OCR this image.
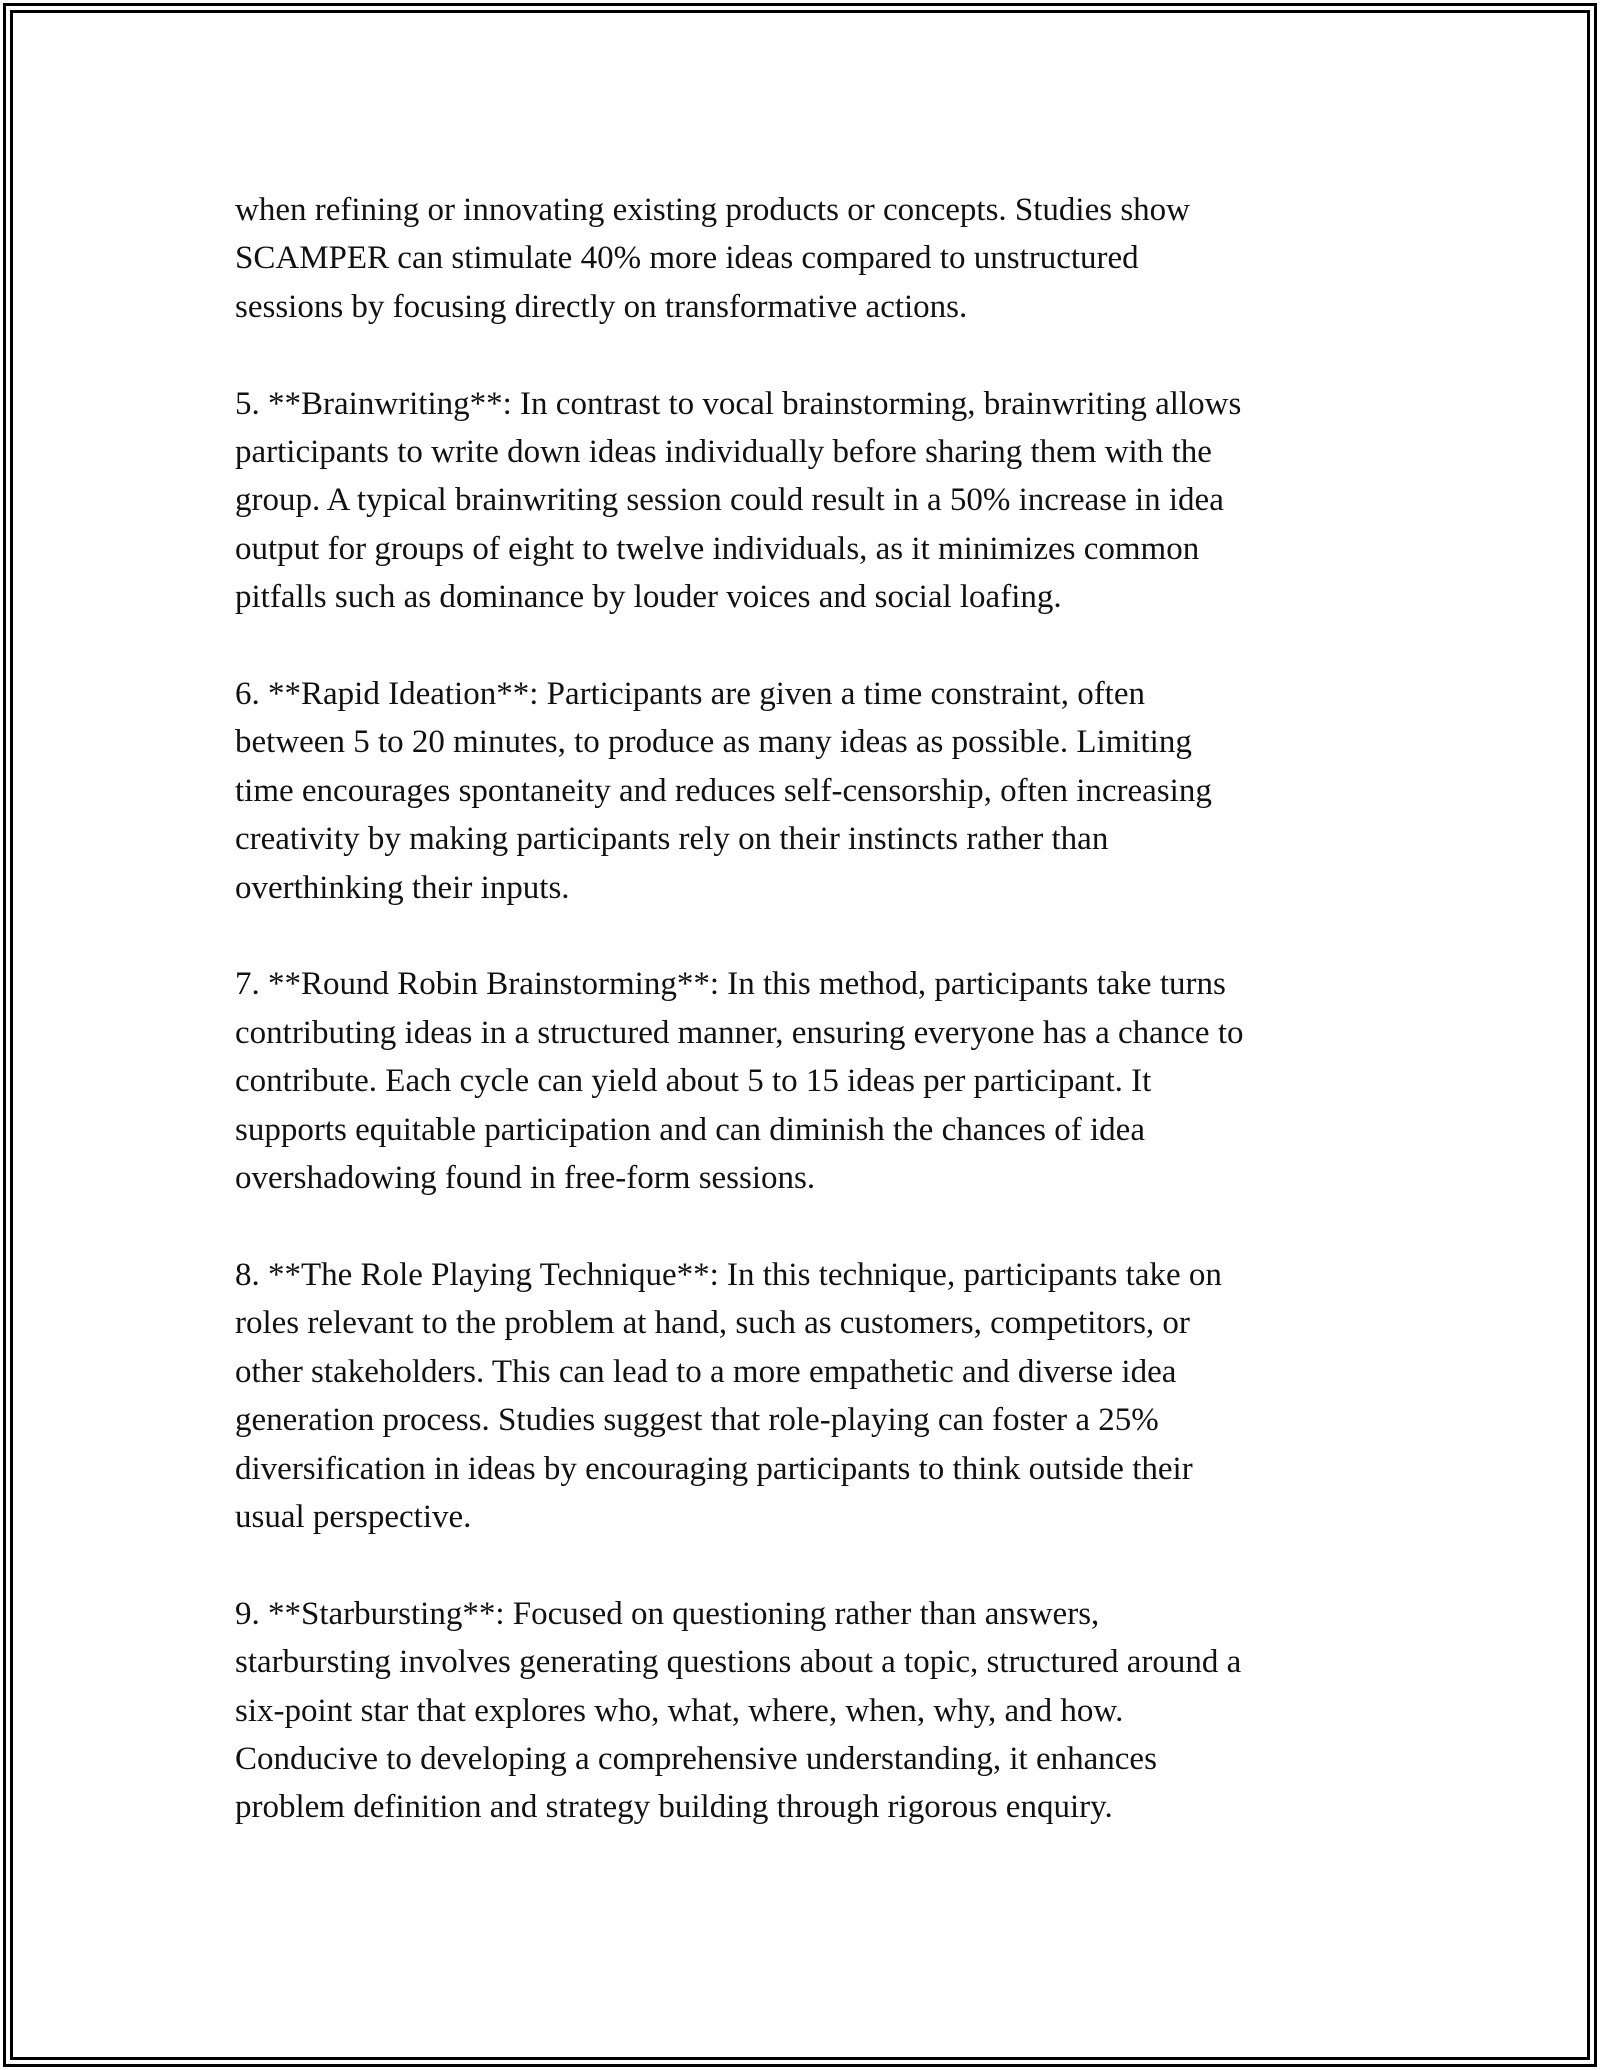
when refining or innovating existing products or concepts. Studies show
SCAMPER can stimulate 40% more ideas compared to unstructured
sessions by focusing directly on transformative actions.

5. **Brainwriting**: In contrast to vocal brainstorming, brainwriting allows
participants to write down ideas individually before sharing them with the
group. A typical brainwriting session could result in a 50% increase in idea
output for groups of eight to twelve individuals, as it minimizes common
pitfalls such as dominance by louder voices and social loafing.

6. **Rapid Ideation**: Participants are given a time constraint, often
between 5 to 20 minutes, to produce as many ideas as possible. Limiting
time encourages spontaneity and reduces self-censorship, often increasing
creativity by making participants rely on their instincts rather than
overthinking their inputs.

7. **Round Robin Brainstorming**: In this method, participants take turns
contributing ideas in a structured manner, ensuring everyone has a chance to
contribute. Each cycle can yield about 5 to 15 ideas per participant. It
supports equitable participation and can diminish the chances of idea
overshadowing found in free-form sessions.

8. **The Role Playing Technique**: In this technique, participants take on
roles relevant to the problem at hand, such as customers, competitors, or
other stakeholders. This can lead to a more empathetic and diverse idea
generation process. Studies suggest that role-playing can foster a 25%
diversification in ideas by encouraging participants to think outside their
usual perspective.

9. **Starbursting**: Focused on questioning rather than answers,
starbursting involves generating questions about a topic, structured around a
six-point star that explores who, what, where, when, why, and how.
Conducive to developing a comprehensive understanding, it enhances
problem definition and strategy building through rigorous enquiry.
